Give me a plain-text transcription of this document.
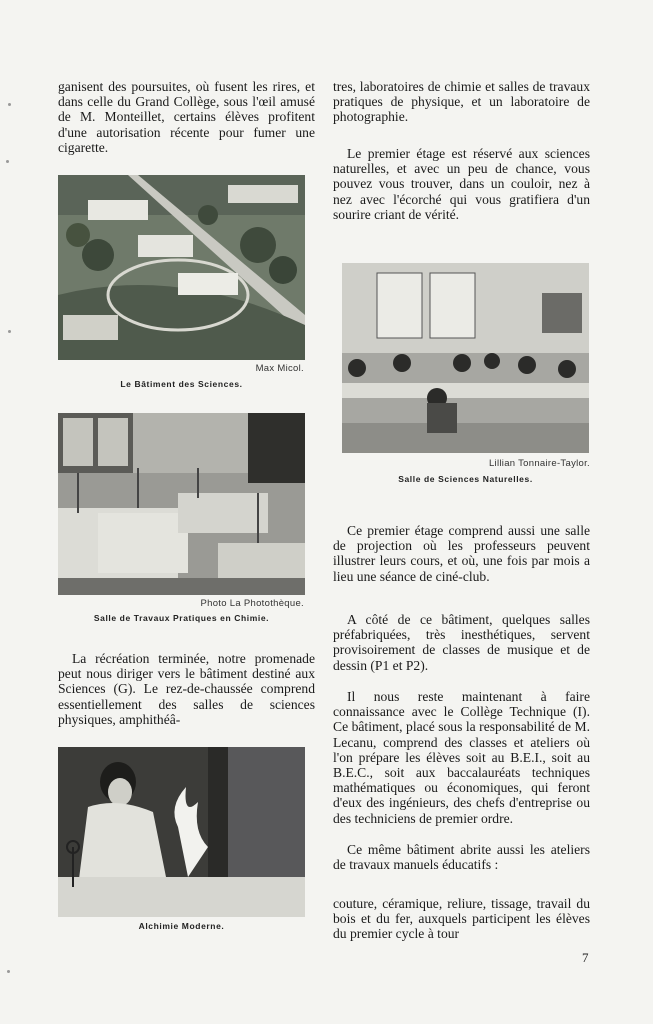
ganisent des poursuites, où fusent les rires, et dans celle du Grand Collège, sous l'œil amusé de M. Monteillet, certains élèves profitent d'une autorisation récente pour fumer une cigarette.

Max Micol.
Le Bâtiment des Sciences.
Photo La Photothèque.
Salle de Travaux Pratiques en Chimie.

La récréation terminée, notre promenade peut nous diriger vers le bâtiment destiné aux Sciences (G). Le rez-de-chaussée comprend essentiellement des salles de sciences physiques, amphithéâ-

Alchimie Moderne.

tres, laboratoires de chimie et salles de travaux pratiques de physique, et un laboratoire de photographie.

Le premier étage est réservé aux sciences naturelles, et avec un peu de chance, vous pouvez vous trouver, dans un couloir, nez à nez avec l'écorché qui vous gratifiera d'un sourire criant de vérité.

Lillian Tonnaire-Taylor.
Salle de Sciences Naturelles.

Ce premier étage comprend aussi une salle de projection où les professeurs peuvent illustrer leurs cours, et où, une fois par mois a lieu une séance de ciné-club.

A côté de ce bâtiment, quelques salles préfabriquées, très inesthétiques, servent provisoirement de classes de musique et de dessin (P1 et P2).

Il nous reste maintenant à faire connaissance avec le Collège Technique (I). Ce bâtiment, placé sous la responsabilité de M. Lecanu, comprend des classes et ateliers où l'on prépare les élèves soit au B.E.I., soit au B.E.C., soit aux baccalauréats techniques mathématiques ou économiques, qui feront d'eux des ingénieurs, des chefs d'entreprise ou des techniciens de premier ordre.

Ce même bâtiment abrite aussi les ateliers de travaux manuels éducatifs :

couture, céramique, reliure, tissage, travail du bois et du fer, auxquels participent les élèves du premier cycle à tour

7
